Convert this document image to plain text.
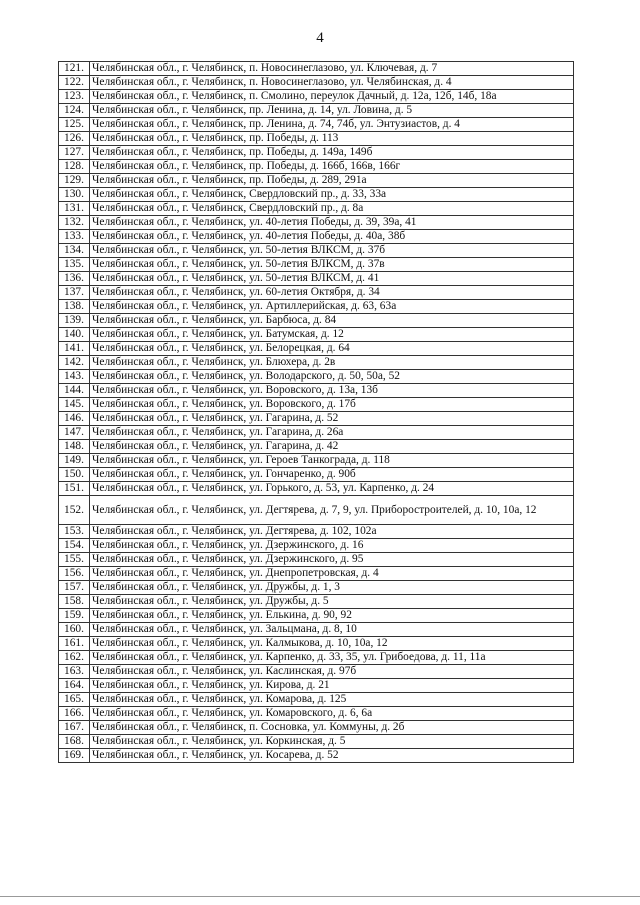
4
121.	Челябинская обл., г. Челябинск, п. Новосинеглазово, ул. Ключевая, д. 7
122.	Челябинская обл., г. Челябинск, п. Новосинеглазово, ул. Челябинская, д. 4
123.	Челябинская обл., г. Челябинск, п. Смолино, переулок Дачный, д. 12а, 12б, 14б, 18а
124.	Челябинская обл., г. Челябинск, пр. Ленина, д. 14, ул. Ловина, д. 5
125.	Челябинская обл., г. Челябинск, пр. Ленина, д. 74, 74б, ул. Энтузиастов, д. 4
126.	Челябинская обл., г. Челябинск, пр. Победы, д. 113
127.	Челябинская обл., г. Челябинск, пр. Победы, д. 149а, 149б
128.	Челябинская обл., г. Челябинск, пр. Победы, д. 166б, 166в, 166г
129.	Челябинская обл., г. Челябинск, пр. Победы, д. 289, 291а
130.	Челябинская обл., г. Челябинск, Свердловский пр., д. 33, 33а
131.	Челябинская обл., г. Челябинск, Свердловский пр., д. 8а
132.	Челябинская обл., г. Челябинск, ул. 40-летия Победы, д. 39, 39а, 41
133.	Челябинская обл., г. Челябинск, ул. 40-летия Победы, д. 40а, 38б
134.	Челябинская обл., г. Челябинск, ул. 50-летия ВЛКСМ, д. 37б
135.	Челябинская обл., г. Челябинск, ул. 50-летия ВЛКСМ, д. 37в
136.	Челябинская обл., г. Челябинск, ул. 50-летия ВЛКСМ, д. 41
137.	Челябинская обл., г. Челябинск, ул. 60-летия Октября, д. 34
138.	Челябинская обл., г. Челябинск, ул. Артиллерийская, д. 63, 63а
139.	Челябинская обл., г. Челябинск, ул. Барбюса, д. 84
140.	Челябинская обл., г. Челябинск, ул. Батумская, д. 12
141.	Челябинская обл., г. Челябинск, ул. Белорецкая, д. 64
142.	Челябинская обл., г. Челябинск, ул. Блюхера, д. 2в
143.	Челябинская обл., г. Челябинск, ул. Володарского, д. 50, 50а, 52
144.	Челябинская обл., г. Челябинск, ул. Воровского, д. 13а, 13б
145.	Челябинская обл., г. Челябинск, ул. Воровского, д. 17б
146.	Челябинская обл., г. Челябинск, ул. Гагарина, д. 52
147.	Челябинская обл., г. Челябинск, ул. Гагарина, д. 26а
148.	Челябинская обл., г. Челябинск, ул. Гагарина, д. 42
149.	Челябинская обл., г. Челябинск, ул. Героев Танкограда, д. 118
150.	Челябинская обл., г. Челябинск, ул. Гончаренко, д. 90б
151.	Челябинская обл., г. Челябинск, ул. Горького, д. 53, ул. Карпенко, д. 24
152.	Челябинская обл., г. Челябинск, ул. Дегтярева, д. 7, 9, ул. Приборостроителей, д. 10, 10а, 12
153.	Челябинская обл., г. Челябинск, ул. Дегтярева, д. 102, 102а
154.	Челябинская обл., г. Челябинск, ул. Дзержинского, д. 16
155.	Челябинская обл., г. Челябинск, ул. Дзержинского, д. 95
156.	Челябинская обл., г. Челябинск, ул. Днепропетровская, д. 4
157.	Челябинская обл., г. Челябинск, ул. Дружбы, д. 1, 3
158.	Челябинская обл., г. Челябинск, ул. Дружбы, д. 5
159.	Челябинская обл., г. Челябинск, ул. Елькина, д. 90, 92
160.	Челябинская обл., г. Челябинск, ул. Зальцмана, д. 8, 10
161.	Челябинская обл., г. Челябинск, ул. Калмыкова, д. 10, 10а, 12
162.	Челябинская обл., г. Челябинск, ул. Карпенко, д. 33, 35, ул. Грибоедова, д. 11, 11а
163.	Челябинская обл., г. Челябинск, ул. Каслинская, д. 97б
164.	Челябинская обл., г. Челябинск, ул. Кирова, д. 21
165.	Челябинская обл., г. Челябинск, ул. Комарова, д. 125
166.	Челябинская обл., г. Челябинск, ул. Комаровского, д. 6, 6а
167.	Челябинская обл., г. Челябинск, п. Сосновка, ул. Коммуны, д. 2б
168.	Челябинская обл., г. Челябинск, ул. Коркинская, д. 5
169.	Челябинская обл., г. Челябинск, ул. Косарева, д. 52
